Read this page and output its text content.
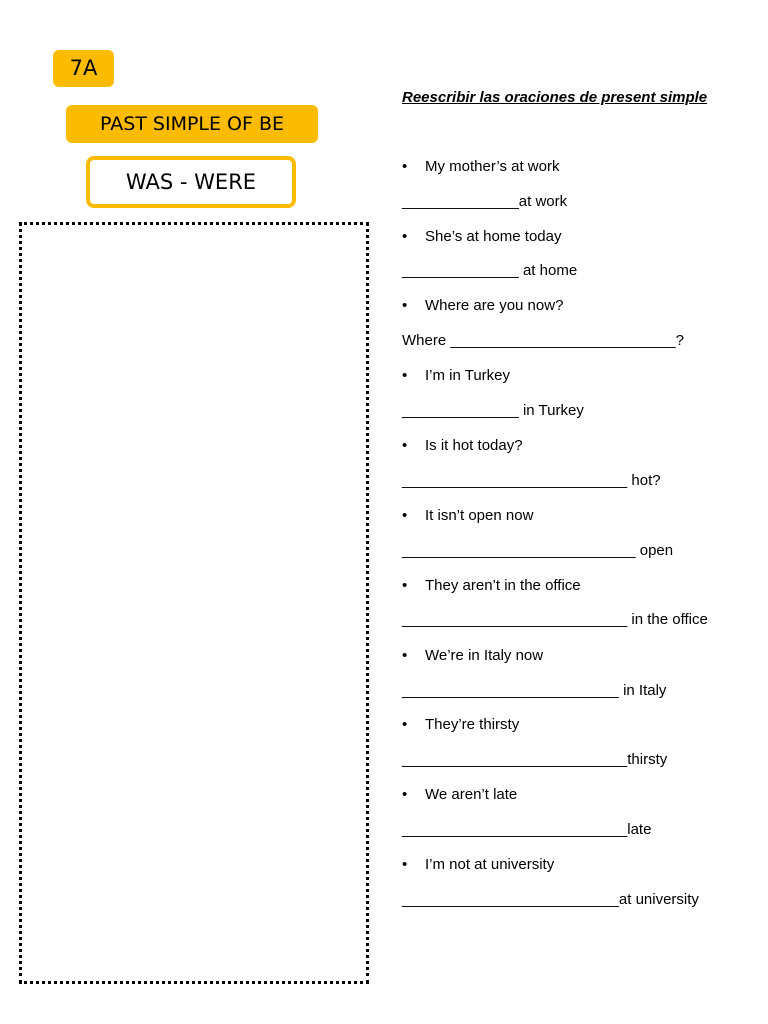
7A
PAST SIMPLE OF BE
WAS - WERE
Reescribir las oraciones de present simple
• My mother’s at work
______________at work
• She’s at home today
______________ at home
• Where are you now?
Where ___________________________?
• I’m in Turkey
______________ in Turkey
• Is it hot today?
___________________________ hot?
• It isn’t open now
____________________________ open
• They aren’t in the office
___________________________ in the office
• We’re in Italy now
__________________________ in Italy
• They’re thirsty
___________________________thirsty
• We aren’t late
___________________________late
• I’m not at university
__________________________at university
